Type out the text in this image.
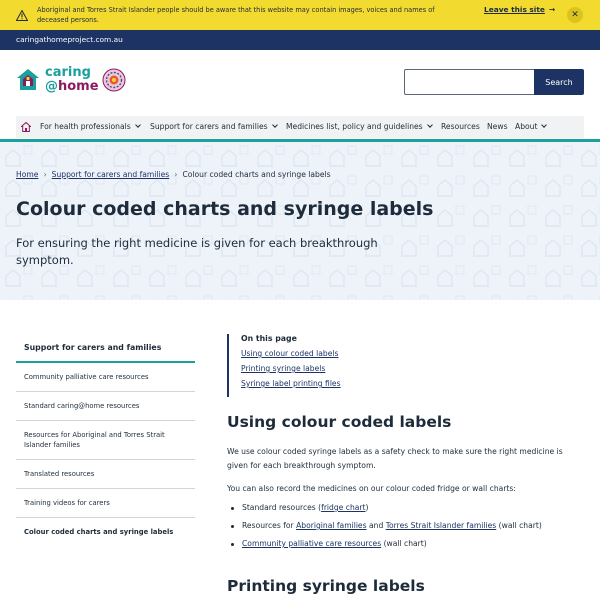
Aboriginal and Torres Strait Islander people should be aware that this website may contain images, voices and names of deceased persons.
Leave this site →
✕
caringathomeproject.com.au
caring
@home	Search
For health professionals	Support for carers and families Medicines list, policy and guidelines Resources News About
Home › Support for carers and families › Colour coded charts and syringe labels
Colour coded charts and syringe labels
For ensuring the right medicine is given for each breakthrough symptom.
Support for carers and families
Community palliative care resources
Standard caring@home resources
Resources for Aboriginal and Torres Strait Islander families
Translated resources
Training videos for carers
Colour coded charts and syringe labels
On this page
Using colour coded labels
Printing syringe labels
Syringe label printing files
Using colour coded labels
We use colour coded syringe labels as a safety check to make sure the right medicine is given for each breakthrough symptom.
You can also record the medicines on our colour coded fridge or wall charts:
Standard resources (fridge chart)
Resources for Aboriginal families and Torres Strait Islander families (wall chart)
Community palliative care resources (wall chart)
Printing syringe labels
